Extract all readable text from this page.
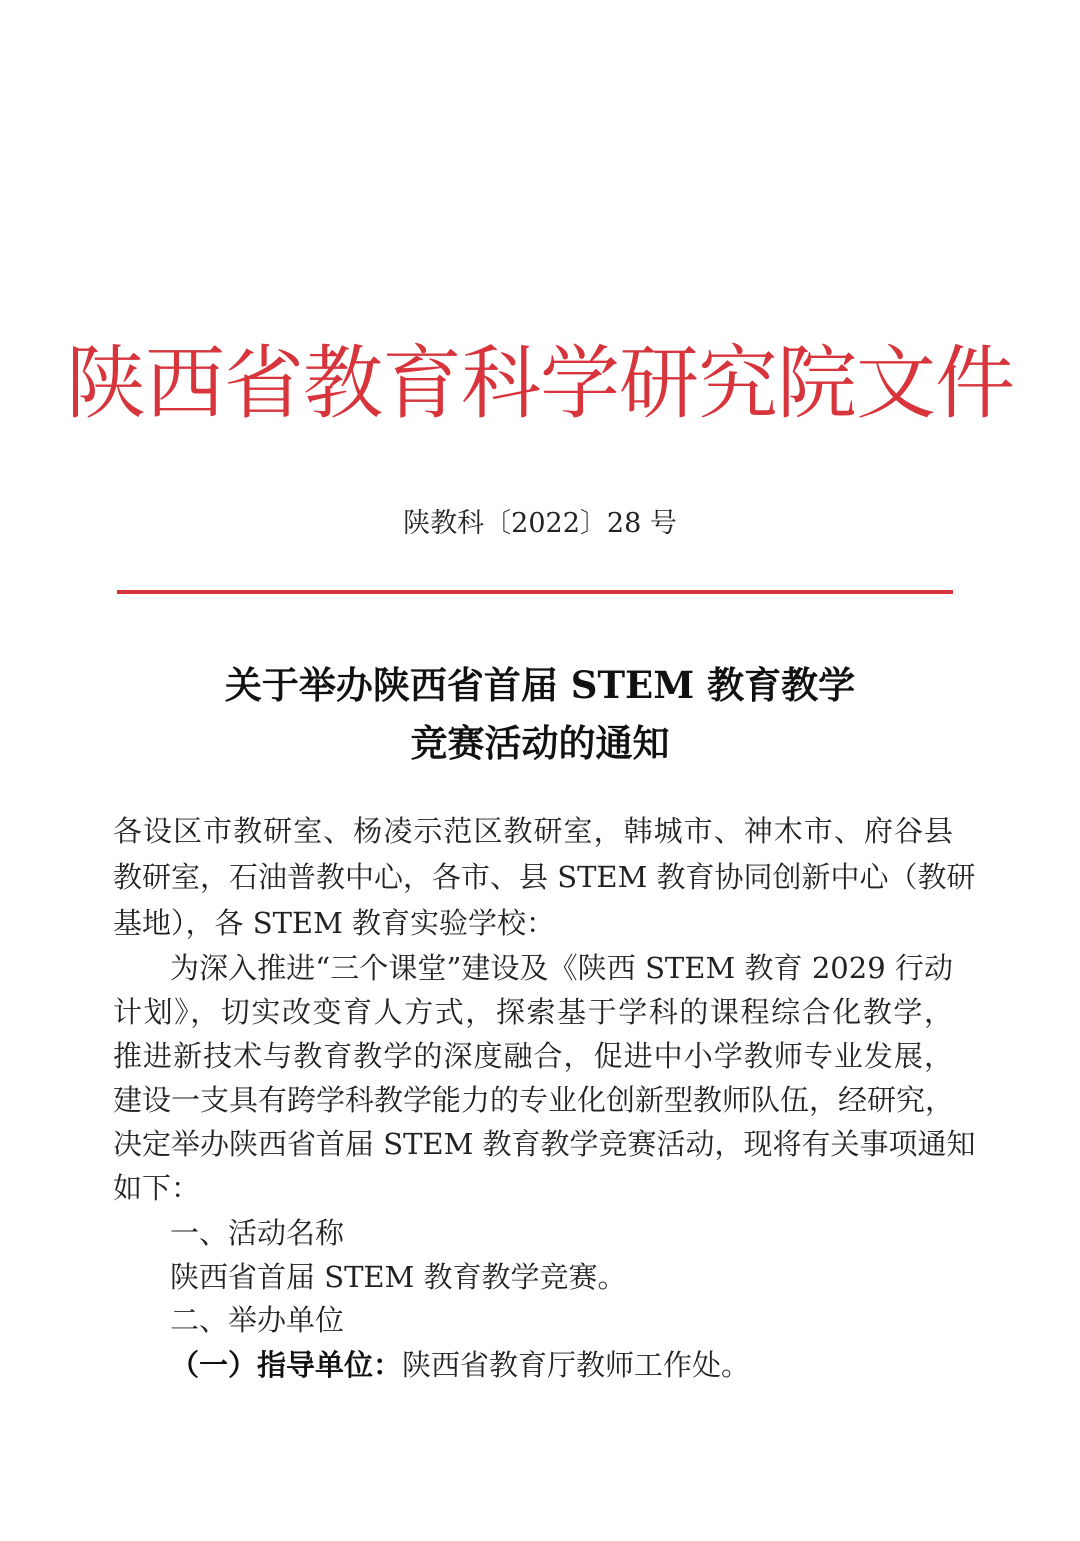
陕西省教育科学研究院文件
陕教科〔2022〕28 号
关于举办陕西省首届 STEM 教育教学
竞赛活动的通知
各设区市教研室、杨凌示范区教研室，韩城市、神木市、府谷县
教研室，石油普教中心，各市、县 STEM 教育协同创新中心（教研
基地），各 STEM 教育实验学校：
为深入推进“三个课堂”建设及《陕西 STEM 教育 2029 行动
计划》，切实改变育人方式，探索基于学科的课程综合化教学，
推进新技术与教育教学的深度融合，促进中小学教师专业发展，
建设一支具有跨学科教学能力的专业化创新型教师队伍，经研究，
决定举办陕西省首届 STEM 教育教学竞赛活动，现将有关事项通知
如下：
一、活动名称
陕西省首届 STEM 教育教学竞赛。
二、举办单位
（一）指导单位：陕西省教育厅教师工作处。
